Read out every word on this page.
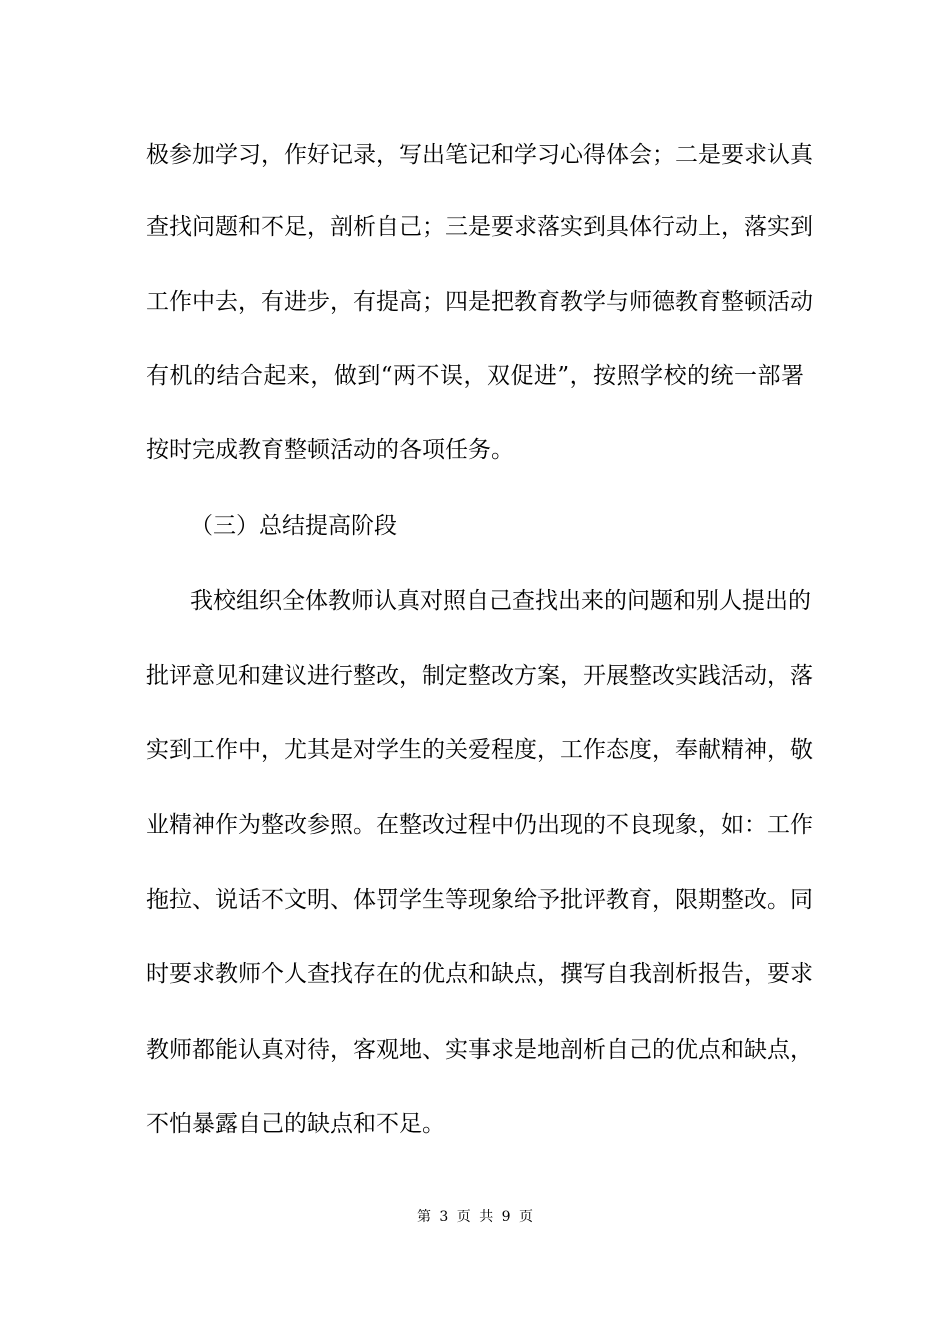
极参加学习，作好记录，写出笔记和学习心得体会；二是要求认真
查找问题和不足，剖析自己；三是要求落实到具体行动上，落实到
工作中去，有进步，有提高；四是把教育教学与师德教育整顿活动
有机的结合起来，做到“两不误，双促进”，按照学校的统一部署
按时完成教育整顿活动的各项任务。
（三）总结提高阶段
我校组织全体教师认真对照自己查找出来的问题和别人提出的
批评意见和建议进行整改，制定整改方案，开展整改实践活动，落
实到工作中，尤其是对学生的关爱程度，工作态度，奉献精神，敬
业精神作为整改参照。在整改过程中仍出现的不良现象，如：工作
拖拉、说话不文明、体罚学生等现象给予批评教育，限期整改。同
时要求教师个人查找存在的优点和缺点，撰写自我剖析报告，要求
教师都能认真对待，客观地、实事求是地剖析自己的优点和缺点，
不怕暴露自己的缺点和不足。
第 3 页 共 9 页
